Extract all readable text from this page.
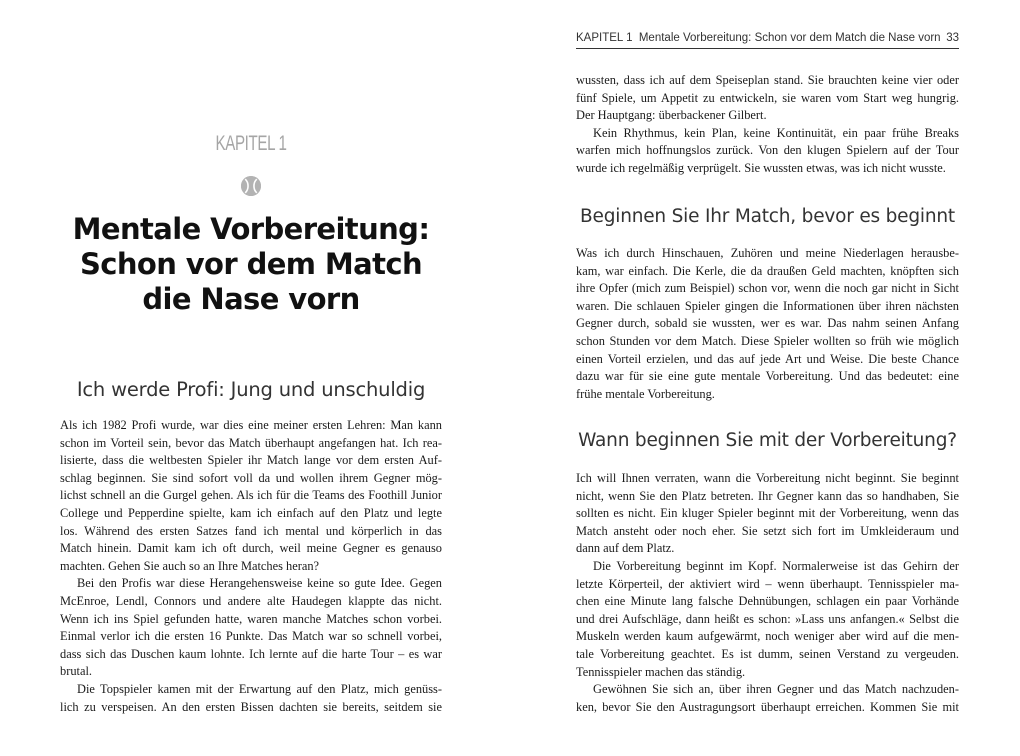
KAPITEL 1
Mentale Vorbereitung:
Schon vor dem Match
die Nase vorn
Ich werde Profi: Jung und unschuldig

Als ich 1982 Profi wurde, war dies eine meiner ersten Lehren: Man kann
schon im Vorteil sein, bevor das Match überhaupt angefangen hat. Ich rea-
lisierte, dass die weltbesten Spieler ihr Match lange vor dem ersten Auf-
schlag beginnen. Sie sind sofort voll da und wollen ihrem Gegner mög-
lichst schnell an die Gurgel gehen. Als ich für die Teams des Foothill Junior
College und Pepperdine spielte, kam ich einfach auf den Platz und legte
los. Während des ersten Satzes fand ich mental und körperlich in das
Match hinein. Damit kam ich oft durch, weil meine Gegner es genauso
machten. Gehen Sie auch so an Ihre Matches heran?

Bei den Profis war diese Herangehensweise keine so gute Idee. Gegen
McEnroe, Lendl, Connors und andere alte Haudegen klappte das nicht.
Wenn ich ins Spiel gefunden hatte, waren manche Matches schon vorbei.
Einmal verlor ich die ersten 16 Punkte. Das Match war so schnell vorbei,
dass sich das Duschen kaum lohnte. Ich lernte auf die harte Tour – es war
brutal.

Die Topspieler kamen mit der Erwartung auf den Platz, mich genüss-
lich zu verspeisen. An den ersten Bissen dachten sie bereits, seitdem sie

KAPITEL 1  Mentale Vorbereitung: Schon vor dem Match die Nase vorn 33

wussten, dass ich auf dem Speiseplan stand. Sie brauchten keine vier oder
fünf Spiele, um Appetit zu entwickeln, sie waren vom Start weg hungrig.
Der Hauptgang: überbackener Gilbert.

Kein Rhythmus, kein Plan, keine Kontinuität, ein paar frühe Breaks
warfen mich hoffnungslos zurück. Von den klugen Spielern auf der Tour
wurde ich regelmäßig verprügelt. Sie wussten etwas, was ich nicht wusste.

Beginnen Sie Ihr Match, bevor es beginnt

Was ich durch Hinschauen, Zuhören und meine Niederlagen herausbe-
kam, war einfach. Die Kerle, die da draußen Geld machten, knöpften sich
ihre Opfer (mich zum Beispiel) schon vor, wenn die noch gar nicht in Sicht
waren. Die schlauen Spieler gingen die Informationen über ihren nächsten
Gegner durch, sobald sie wussten, wer es war. Das nahm seinen Anfang
schon Stunden vor dem Match. Diese Spieler wollten so früh wie möglich
einen Vorteil erzielen, und das auf jede Art und Weise. Die beste Chance
dazu war für sie eine gute mentale Vorbereitung. Und das bedeutet: eine
frühe mentale Vorbereitung.

Wann beginnen Sie mit der Vorbereitung?

Ich will Ihnen verraten, wann die Vorbereitung nicht beginnt. Sie beginnt
nicht, wenn Sie den Platz betreten. Ihr Gegner kann das so handhaben, Sie
sollten es nicht. Ein kluger Spieler beginnt mit der Vorbereitung, wenn das
Match ansteht oder noch eher. Sie setzt sich fort im Umkleideraum und
dann auf dem Platz.

Die Vorbereitung beginnt im Kopf. Normalerweise ist das Gehirn der
letzte Körperteil, der aktiviert wird – wenn überhaupt. Tennisspieler ma-
chen eine Minute lang falsche Dehnübungen, schlagen ein paar Vorhände
und drei Aufschläge, dann heißt es schon: »Lass uns anfangen.« Selbst die
Muskeln werden kaum aufgewärmt, noch weniger aber wird auf die men-
tale Vorbereitung geachtet. Es ist dumm, seinen Verstand zu vergeuden.
Tennisspieler machen das ständig.

Gewöhnen Sie sich an, über ihren Gegner und das Match nachzuden-
ken, bevor Sie den Austragungsort überhaupt erreichen. Kommen Sie mit
